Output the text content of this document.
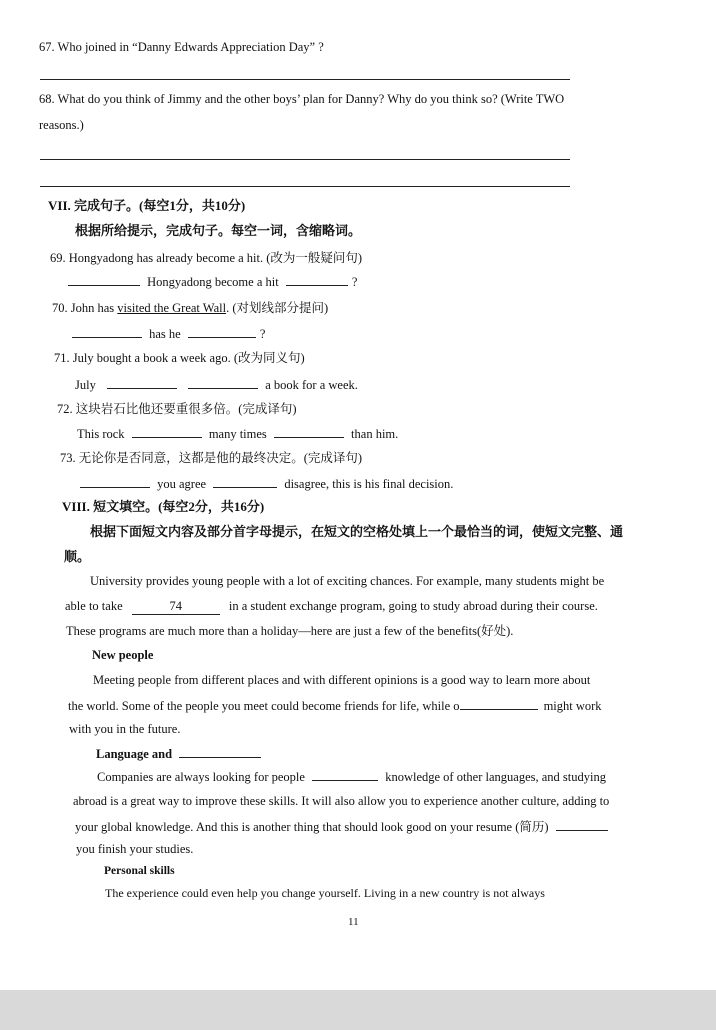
67. Who joined in “Danny Edwards Appreciation Day” ?
68. What do you think of Jimmy and the other boys’ plan for Danny? Why do you think so? (Write TWO
reasons.)
VII. 完成句子。(每空1分，共10分)
根据所给提示，完成句子。每空一词，含缩略词。
69. Hongyadong has already become a hit. (改为一般疑问句)
Hongyadong become a hit	?
70. John has visited the Great Wall. (对划线部分提问)
has he	?
71. July bought a book a week ago. (改为同义句)
July	a book for a week.
72. 这块岩石比他还要重很多倍。(完成译句)
This rock	many times	than him.
73. 无论你是否同意，这都是他的最终决定。(完成译句)
you agree	disagree, this is his final decision.
VIII. 短文填空。(每空2分，共16分)
根据下面短文内容及部分首字母提示，在短文的空格处填上一个最恰当的词，使短文完整、通
顺。
University provides young people with a lot of exciting chances. For example, many students might be
able to take	74	in a student exchange program, going to study abroad during their course.
These programs are much more than a holiday—here are just a few of the benefits(好处).
New people
Meeting people from different places and with different opinions is a good way to learn more about
the world. Some of the people you meet could become friends for life, while o	might work
with you in the future.
Language and
Companies are always looking for people	knowledge of other languages, and studying
abroad is a great way to improve these skills. It will also allow you to experience another culture, adding to
your global knowledge. And this is another thing that should look good on your resume (简历)
you finish your studies.
Personal skills
The experience could even help you change yourself. Living in a new country is not always
11
